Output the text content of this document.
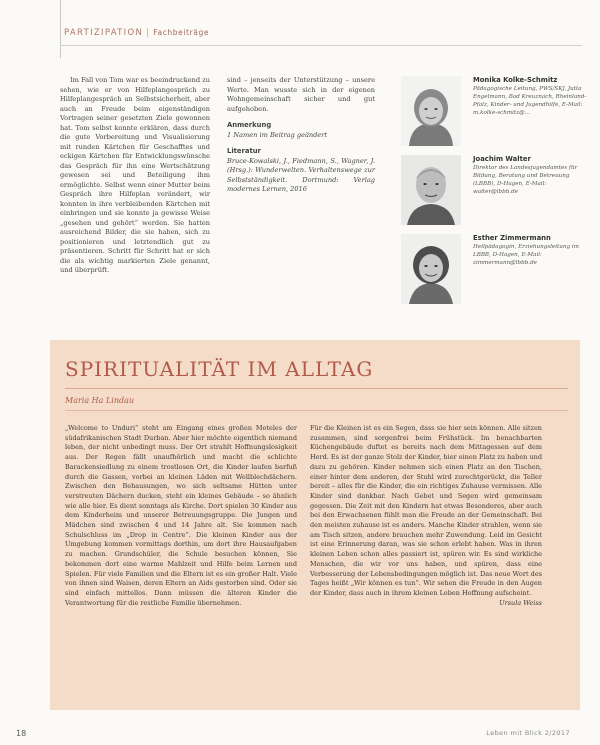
PARTIZIPATION | Fachbeiträge
Im Fall von Tom war es beeindruckend zu sehen, wie er von Hilfeplangespräch zu Hilfeplangespräch an Selbstsicherheit, aber auch an Freude beim eigenständigen Vortragen seiner gesetzten Ziele gewonnen hat. Tom selbst konnte erklären, dass durch die gute Vorbereitung und Visualisierung mit runden Kärtchen für Geschafftes und eckigen Kärtchen für Entwicklungswünsche das Gespräch für ihn eine Wertschätzung gewesen sei und Beteiligung ihm ermöglichte. Selbst wenn einer Mutter beim Gespräch ihre Hilfeplan verändert, wir konnten in ihre verbleibenden Kärtchen mit einbringen und sie konnte ja gewisse Weise „gesehen und gehört“ werden. Sie hatten ausreichend Bilder, die sie haben, sich zu positionieren und letztendlich gut zu präsentieren. Schritt für Schritt hat er sich die als wichtig markierten Ziele genannt, und überprüft.
sind – jenseits der Unterstützung – unsere Werte. Man wusste sich in der eigenen Wohngemeinschaft sicher und gut aufgehoben.
Anmerkung
1 Namen im Beitrag geändert
Literatur
Bruce-Kowalski, J., Fiedmann, S., Wagner, J. (Hrsg.): Wunderwelten. Verhaltenswege zur Selbstständigkeit. Dortmund: Verlag modernes Lernen, 2016
Monika Kolke-Schmitz
Pädagogische Leitung, PWS/SKJ, Jutta Engelmann, Bad Kreuznach, Rheinland-Pfalz, Kinder- und Jugendhilfe, E-Mail: m.kolke-schmitz@...
Joachim Walter
Direktor des Landesjugendamtes für Bildung, Beratung und Betreuung (LBBB), D-Hagen, E-Mail: walter@lbbb.de
Esther Zimmermann
Heilpädagogin, Erziehungsleitung im LBBB, D-Hagen, E-Mail: zimmermann@lbbb.de
SPIRITUALITÄT IM ALLTAG
Maria Ha Lindau
„Welcome to Unduri“ steht am Eingang eines großen Moteles der südafrikanischen Stadt Durban. Aber hier möchte eigentlich niemand leben, der nicht unbedingt muss. Der Ort strahlt Hoffnungslosigkeit aus. Der Regen fällt unaufhörlich und macht die schlichte Barackensiedlung zu einem trostlosen Ort, die Kinder laufen barfuß durch die Gassen, vorbei an kleinen Läden mit Wellblechdächern. Zwischen den Behausungen, wo sich seltsame Hütten unter verstreuten Dächern ducken, steht ein kleines Gebäude – so ähnlich wie alle hier. Es dient sonntags als Kirche. Dort spielen 30 Kinder aus dem Kinderheim und unserer Betreuungsgruppe. Die Jungen und Mädchen sind zwischen 4 und 14 Jahre alt. Sie kommen nach Schulschluss im „Drop in Centre“. Die kleinen Kinder aus der Umgebung kommen vormittags dorthin, um dort ihre Hausaufgaben zu machen. Grundschüler, die Schule besuchen können, Sie bekommen dort eine warme Mahlzeit und Hilfe beim Lernen und Spielen. Für viele Familien und die Eltern ist es ein großer Halt. Viele von ihnen sind Waisen, deren Eltern an Aids gestorben sind. Oder sie sind einfach mittellos. Dann müssen die älteren Kinder die Verantwortung für die restliche Familie übernehmen.
Für die Kleinen ist es ein Segen, dass sie hier sein können. Alle sitzen zusammen, sind sorgenfrei beim Frühstück. Im benachbarten Küchengebäude duftet es bereits nach dem Mittagessen auf dem Herd. Es ist der ganze Stolz der Kinder, hier einen Platz zu haben und dazu zu gehören. Kinder nehmen sich einen Platz an den Tischen, einer hinter dem anderen, der Stuhl wird zurechtgerückt, die Teller bereit – alles für die Kinder, die ein richtiges Zuhause vermissen. Alle Kinder sind dankbar. Nach Gebet und Segen wird gemeinsam gegessen. Die Zeit mit den Kindern hat etwas Besonderes, aber auch bei den Erwachsenen fühlt man die Freude an der Gemeinschaft. Bei den meisten zuhause ist es anders. Manche Kinder strahlen, wenn sie am Tisch sitzen, andere brauchen mehr Zuwendung. Leid im Gesicht ist eine Erinnerung daran, was sie schon erlebt haben. Was in ihren kleinen Leben schon alles passiert ist, spüren wir. Es sind wirkliche Menschen, die wir vor uns haben, und spüren, dass eine Verbesserung der Lebensbedingungen möglich ist. Das neue Wort des Tages heißt „Wir können es tun“. Wir sehen die Freude in den Augen der Kinder, dass auch in ihrem kleinen Leben Hoffnung aufscheint.
Ursula Weiss
18	Leben mit Blick 2/2017
